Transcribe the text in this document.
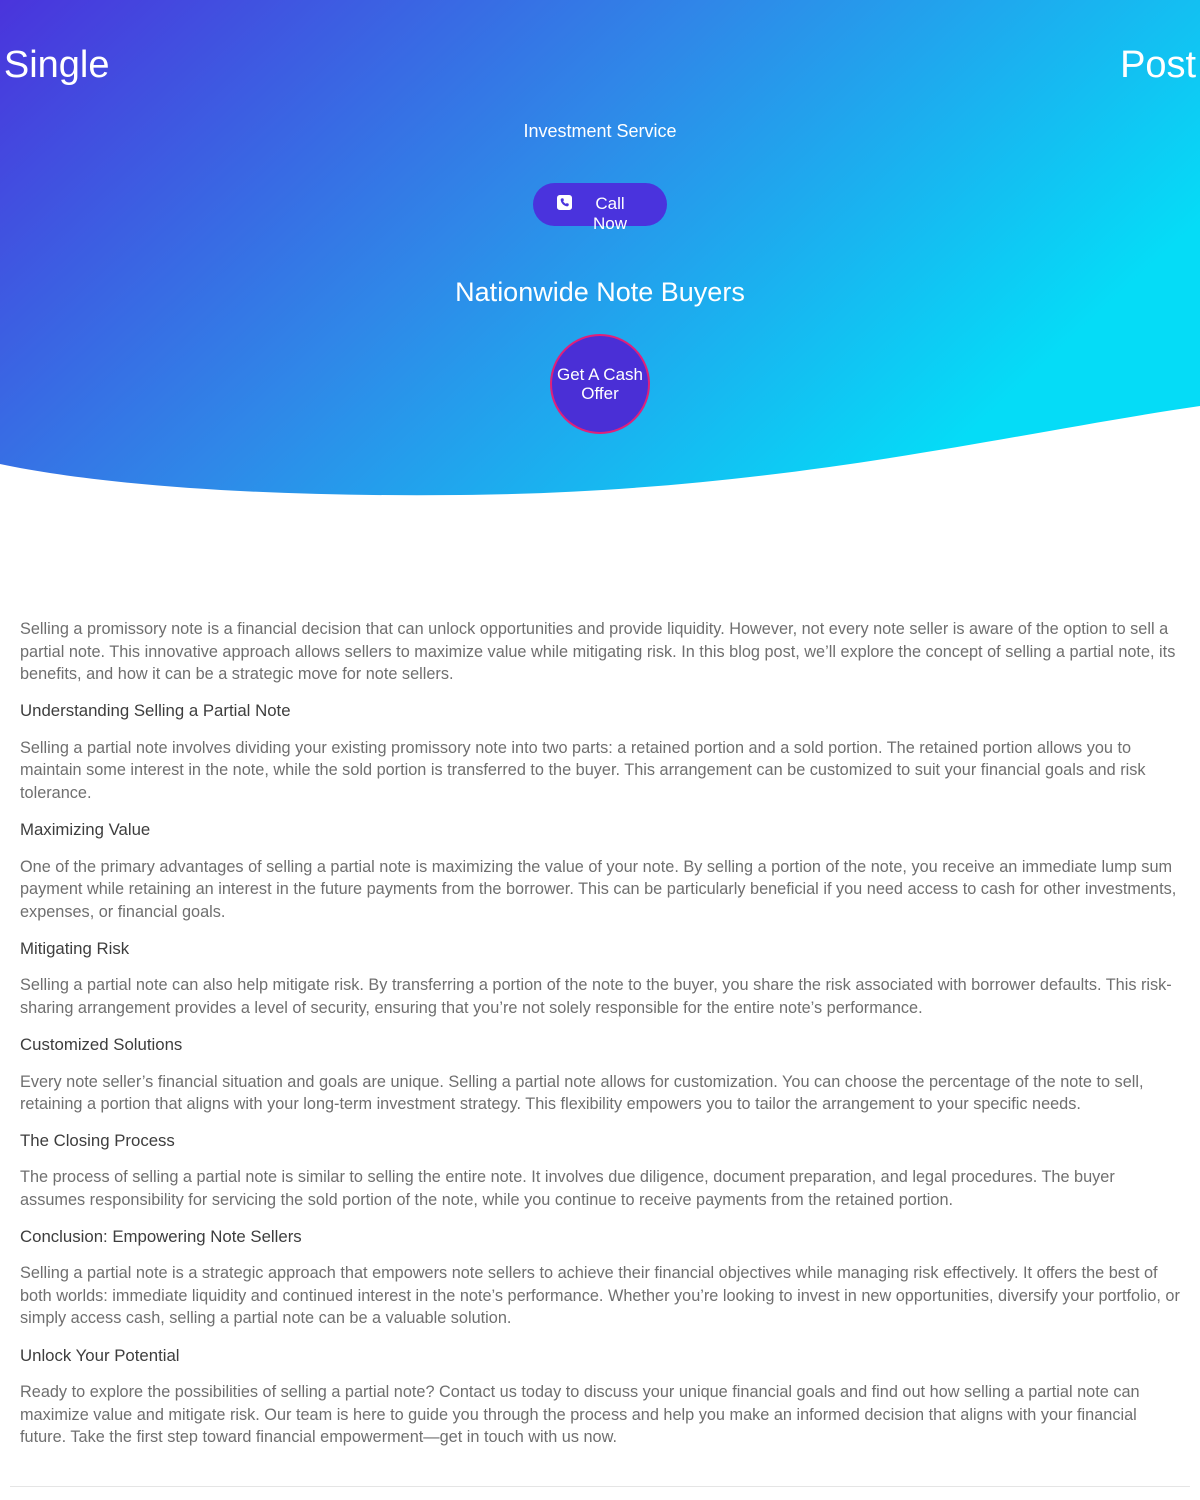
Single Post
Investment Service
Call Now
Nationwide Note Buyers
Get A Cash Offer

Selling a promissory note is a financial decision that can unlock opportunities and provide liquidity. However, not every note seller is aware of the option to sell a partial note. This innovative approach allows sellers to maximize value while mitigating risk. In this blog post, we’ll explore the concept of selling a partial note, its benefits, and how it can be a strategic move for note sellers.

Understanding Selling a Partial Note

Selling a partial note involves dividing your existing promissory note into two parts: a retained portion and a sold portion. The retained portion allows you to maintain some interest in the note, while the sold portion is transferred to the buyer. This arrangement can be customized to suit your financial goals and risk tolerance.

Maximizing Value

One of the primary advantages of selling a partial note is maximizing the value of your note. By selling a portion of the note, you receive an immediate lump sum payment while retaining an interest in the future payments from the borrower. This can be particularly beneficial if you need access to cash for other investments, expenses, or financial goals.

Mitigating Risk

Selling a partial note can also help mitigate risk. By transferring a portion of the note to the buyer, you share the risk associated with borrower defaults. This risk-sharing arrangement provides a level of security, ensuring that you’re not solely responsible for the entire note’s performance.

Customized Solutions

Every note seller’s financial situation and goals are unique. Selling a partial note allows for customization. You can choose the percentage of the note to sell, retaining a portion that aligns with your long-term investment strategy. This flexibility empowers you to tailor the arrangement to your specific needs.

The Closing Process

The process of selling a partial note is similar to selling the entire note. It involves due diligence, document preparation, and legal procedures. The buyer assumes responsibility for servicing the sold portion of the note, while you continue to receive payments from the retained portion.

Conclusion: Empowering Note Sellers

Selling a partial note is a strategic approach that empowers note sellers to achieve their financial objectives while managing risk effectively. It offers the best of both worlds: immediate liquidity and continued interest in the note’s performance. Whether you’re looking to invest in new opportunities, diversify your portfolio, or simply access cash, selling a partial note can be a valuable solution.

Unlock Your Potential

Ready to explore the possibilities of selling a partial note? Contact us today to discuss your unique financial goals and find out how selling a partial note can maximize value and mitigate risk. Our team is here to guide you through the process and help you make an informed decision that aligns with your financial future. Take the first step toward financial empowerment—get in touch with us now.
